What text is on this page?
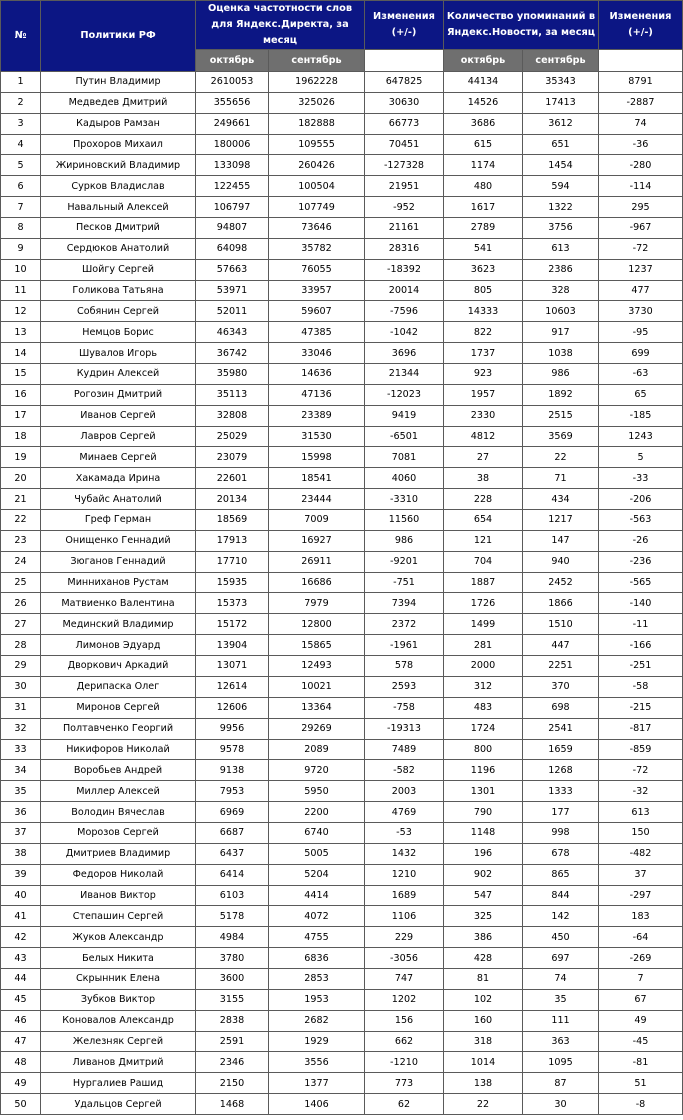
№	Политики РФ	Оценка частотности слов для Яндекс.Директа, за месяц		Изменения (+/-)	Количество упоминаний в Яндекс.Новости, за месяц		Изменения (+/-)
		октябрь	сентябрь		октябрь	сентябрь	
1	Путин Владимир	2610053	1962228	647825	44134	35343	8791
2	Медведев Дмитрий	355656	325026	30630	14526	17413	-2887
3	Кадыров Рамзан	249661	182888	66773	3686	3612	74
4	Прохоров Михаил	180006	109555	70451	615	651	-36
5	Жириновский Владимир	133098	260426	-127328	1174	1454	-280
6	Сурков Владислав	122455	100504	21951	480	594	-114
7	Навальный Алексей	106797	107749	-952	1617	1322	295
8	Песков Дмитрий	94807	73646	21161	2789	3756	-967
9	Сердюков Анатолий	64098	35782	28316	541	613	-72
10	Шойгу Сергей	57663	76055	-18392	3623	2386	1237
11	Голикова Татьяна	53971	33957	20014	805	328	477
12	Собянин Сергей	52011	59607	-7596	14333	10603	3730
13	Немцов Борис	46343	47385	-1042	822	917	-95
14	Шувалов Игорь	36742	33046	3696	1737	1038	699
15	Кудрин Алексей	35980	14636	21344	923	986	-63
16	Рогозин Дмитрий	35113	47136	-12023	1957	1892	65
17	Иванов Сергей	32808	23389	9419	2330	2515	-185
18	Лавров Сергей	25029	31530	-6501	4812	3569	1243
19	Минаев Сергей	23079	15998	7081	27	22	5
20	Хакамада Ирина	22601	18541	4060	38	71	-33
21	Чубайс Анатолий	20134	23444	-3310	228	434	-206
22	Греф Герман	18569	7009	11560	654	1217	-563
23	Онищенко Геннадий	17913	16927	986	121	147	-26
24	Зюганов Геннадий	17710	26911	-9201	704	940	-236
25	Минниханов Рустам	15935	16686	-751	1887	2452	-565
26	Матвиенко Валентина	15373	7979	7394	1726	1866	-140
27	Мединский Владимир	15172	12800	2372	1499	1510	-11
28	Лимонов Эдуард	13904	15865	-1961	281	447	-166
29	Дворкович Аркадий	13071	12493	578	2000	2251	-251
30	Дерипаска Олег	12614	10021	2593	312	370	-58
31	Миронов Сергей	12606	13364	-758	483	698	-215
32	Полтавченко Георгий	9956	29269	-19313	1724	2541	-817
33	Никифоров Николай	9578	2089	7489	800	1659	-859
34	Воробьев Андрей	9138	9720	-582	1196	1268	-72
35	Миллер Алексей	7953	5950	2003	1301	1333	-32
36	Володин Вячеслав	6969	2200	4769	790	177	613
37	Морозов Сергей	6687	6740	-53	1148	998	150
38	Дмитриев Владимир	6437	5005	1432	196	678	-482
39	Федоров Николай	6414	5204	1210	902	865	37
40	Иванов Виктор	6103	4414	1689	547	844	-297
41	Степашин Сергей	5178	4072	1106	325	142	183
42	Жуков Александр	4984	4755	229	386	450	-64
43	Белых Никита	3780	6836	-3056	428	697	-269
44	Скрынник Елена	3600	2853	747	81	74	7
45	Зубков Виктор	3155	1953	1202	102	35	67
46	Коновалов Александр	2838	2682	156	160	111	49
47	Железняк Сергей	2591	1929	662	318	363	-45
48	Ливанов Дмитрий	2346	3556	-1210	1014	1095	-81
49	Нургалиев Рашид	2150	1377	773	138	87	51
50	Удальцов Сергей	1468	1406	62	22	30	-8
